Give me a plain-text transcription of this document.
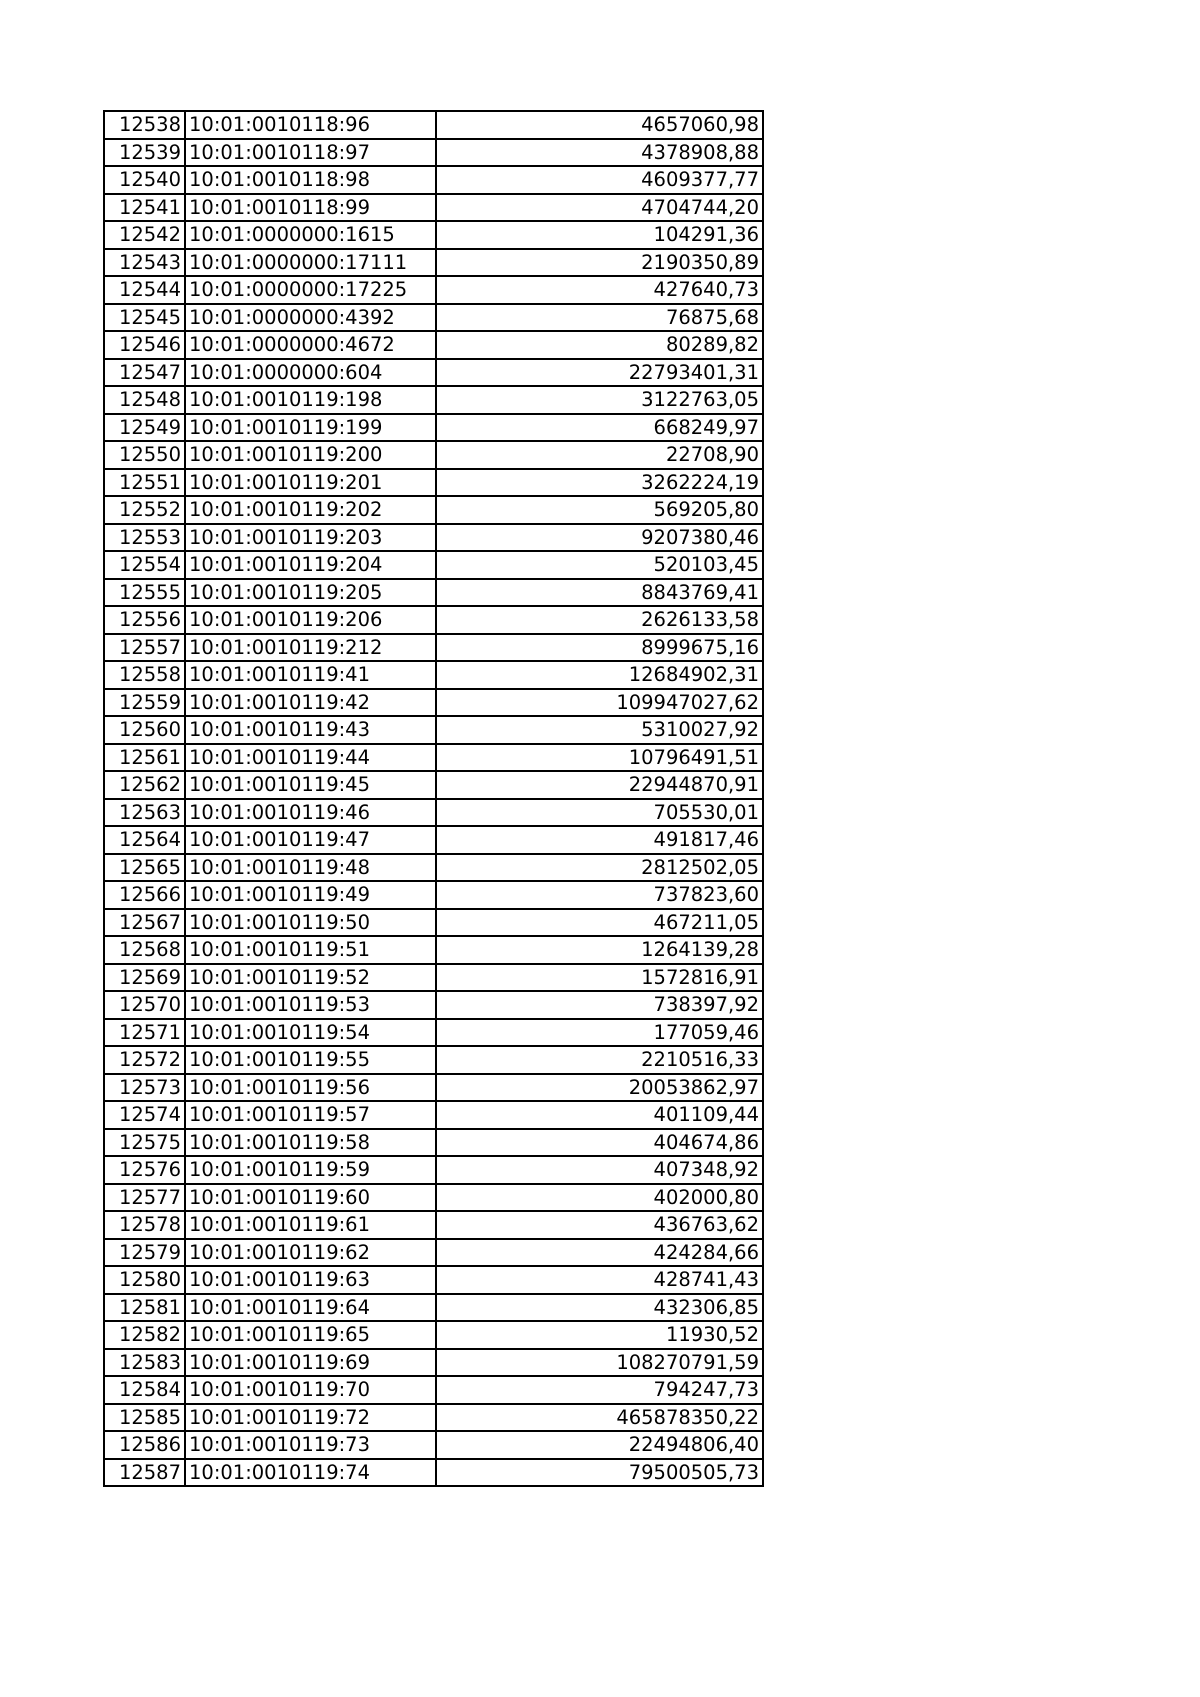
12538	10:01:0010118:96	4657060,98
12539	10:01:0010118:97	4378908,88
12540	10:01:0010118:98	4609377,77
12541	10:01:0010118:99	4704744,20
12542	10:01:0000000:1615	104291,36
12543	10:01:0000000:17111	2190350,89
12544	10:01:0000000:17225	427640,73
12545	10:01:0000000:4392	76875,68
12546	10:01:0000000:4672	80289,82
12547	10:01:0000000:604	22793401,31
12548	10:01:0010119:198	3122763,05
12549	10:01:0010119:199	668249,97
12550	10:01:0010119:200	22708,90
12551	10:01:0010119:201	3262224,19
12552	10:01:0010119:202	569205,80
12553	10:01:0010119:203	9207380,46
12554	10:01:0010119:204	520103,45
12555	10:01:0010119:205	8843769,41
12556	10:01:0010119:206	2626133,58
12557	10:01:0010119:212	8999675,16
12558	10:01:0010119:41	12684902,31
12559	10:01:0010119:42	109947027,62
12560	10:01:0010119:43	5310027,92
12561	10:01:0010119:44	10796491,51
12562	10:01:0010119:45	22944870,91
12563	10:01:0010119:46	705530,01
12564	10:01:0010119:47	491817,46
12565	10:01:0010119:48	2812502,05
12566	10:01:0010119:49	737823,60
12567	10:01:0010119:50	467211,05
12568	10:01:0010119:51	1264139,28
12569	10:01:0010119:52	1572816,91
12570	10:01:0010119:53	738397,92
12571	10:01:0010119:54	177059,46
12572	10:01:0010119:55	2210516,33
12573	10:01:0010119:56	20053862,97
12574	10:01:0010119:57	401109,44
12575	10:01:0010119:58	404674,86
12576	10:01:0010119:59	407348,92
12577	10:01:0010119:60	402000,80
12578	10:01:0010119:61	436763,62
12579	10:01:0010119:62	424284,66
12580	10:01:0010119:63	428741,43
12581	10:01:0010119:64	432306,85
12582	10:01:0010119:65	11930,52
12583	10:01:0010119:69	108270791,59
12584	10:01:0010119:70	794247,73
12585	10:01:0010119:72	465878350,22
12586	10:01:0010119:73	22494806,40
12587	10:01:0010119:74	79500505,73
